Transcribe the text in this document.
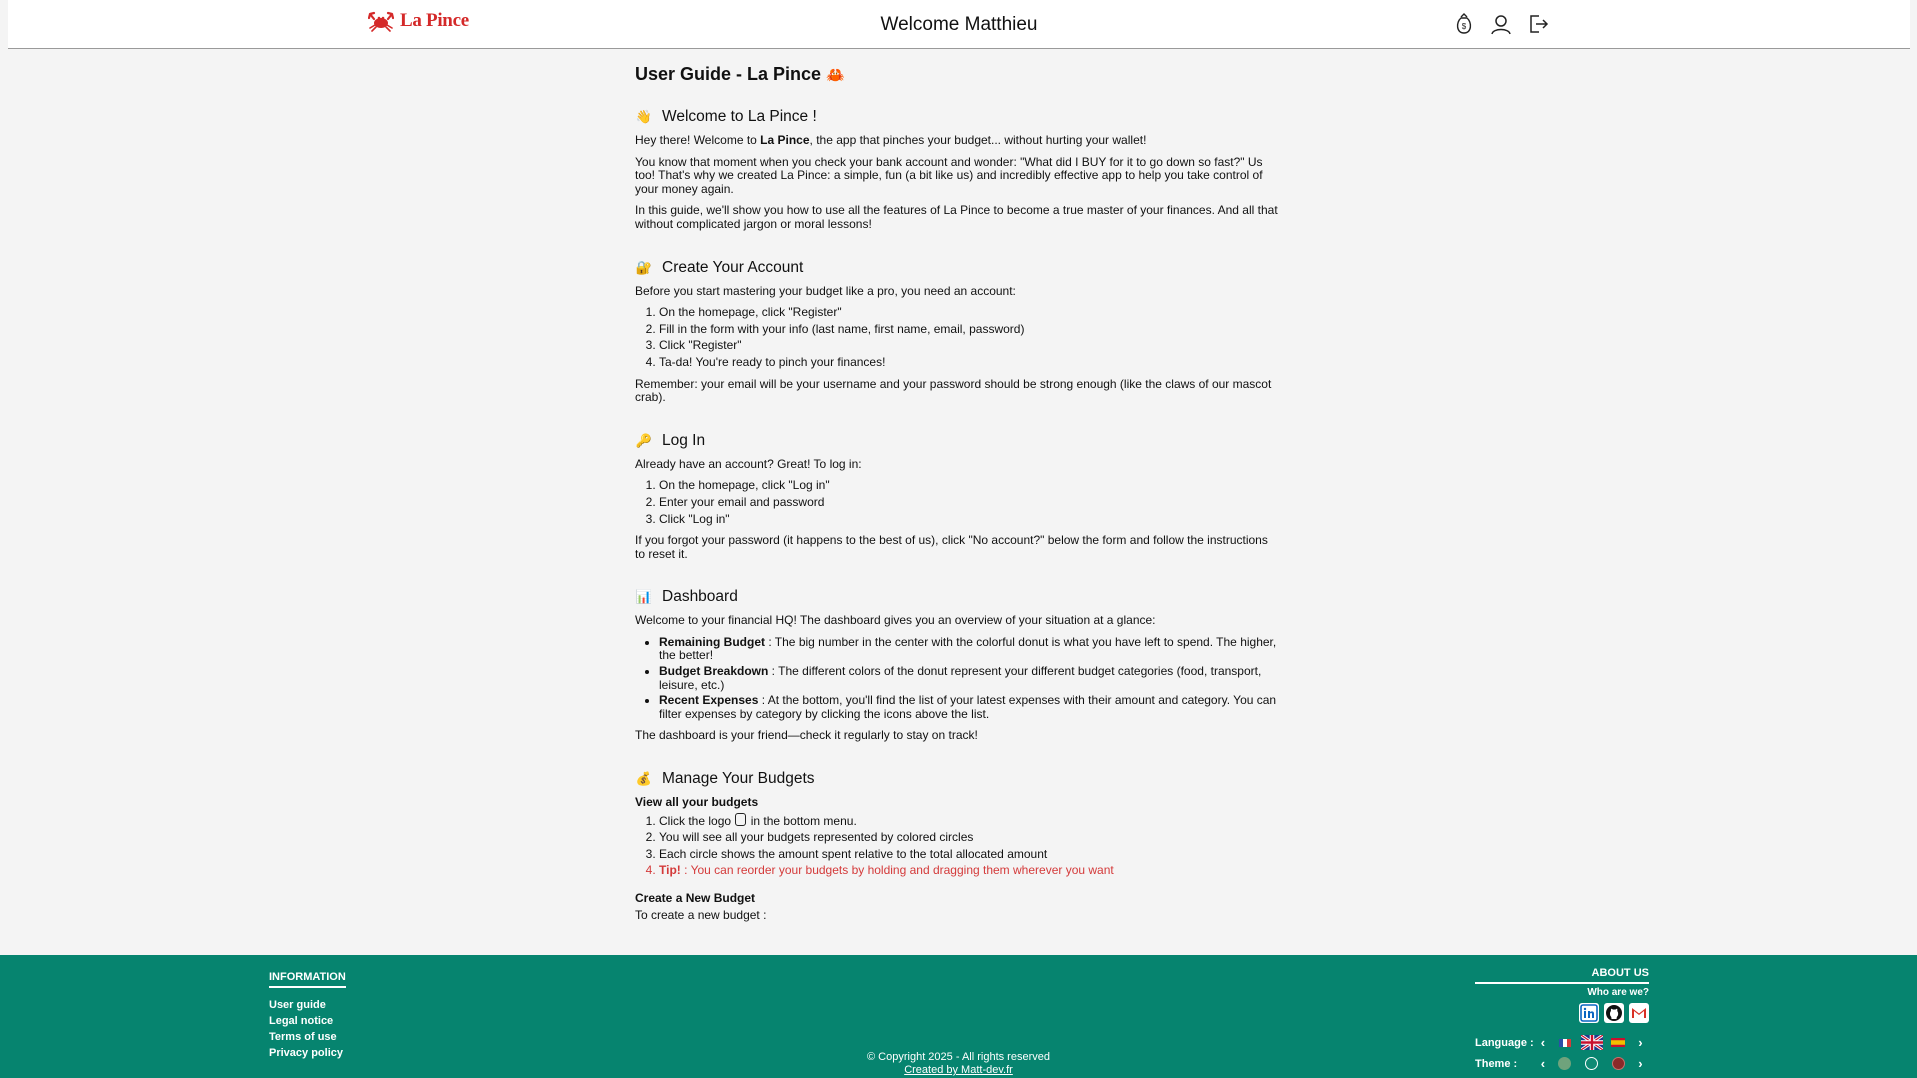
La Pince	Welcome Matthieu	$
User Guide - La Pince 🦀
👋 Welcome to La Pince !

Hey there! Welcome to La Pince, the app that pinches your budget... without hurting your wallet!

You know that moment when you check your bank account and wonder: "What did I BUY for it to go down so fast?" Us too! That's why we created La Pince: a simple, fun (a bit like us) and incredibly effective app to help you take control of your money again.

In this guide, we'll show you how to use all the features of La Pince to become a true master of your finances. And all that without complicated jargon or moral lessons!

🔐 Create Your Account

Before you start mastering your budget like a pro, you need an account:

1. On the homepage, click "Register"
2. Fill in the form with your info (last name, first name, email, password)
3. Click "Register"
4. Ta-da! You're ready to pinch your finances!

Remember: your email will be your username and your password should be strong enough (like the claws of our mascot crab).

🔑 Log In

Already have an account? Great! To log in:

1. On the homepage, click "Log in"
2. Enter your email and password
3. Click "Log in"

If you forgot your password (it happens to the best of us), click "No account?" below the form and follow the instructions to reset it.

📊 Dashboard

Welcome to your financial HQ! The dashboard gives you an overview of your situation at a glance:

• Remaining Budget : The big number in the center with the colorful donut is what you have left to spend. The higher, the better!
• Budget Breakdown : The different colors of the donut represent your different budget categories (food, transport, leisure, etc.)
• Recent Expenses : At the bottom, you'll find the list of your latest expenses with their amount and category. You can filter expenses by category by clicking the icons above the list.

The dashboard is your friend—check it regularly to stay on track!

💰 Manage Your Budgets
View all your budgets
1. Click the logo  in the bottom menu.
2. You will see all your budgets represented by colored circles
3. Each circle shows the amount spent relative to the total allocated amount
4. Tip! : You can reorder your budgets by holding and dragging them wherever you want
Create a New Budget

To create a new budget :

INFORMATION
User guide
Legal notice
Terms of use
Privacy policy	© Copyright 2025 - All rights reserved
Created by Matt-dev.fr
ABOUT US
Who are we?
Language : ‹	›
Theme :	‹	›
